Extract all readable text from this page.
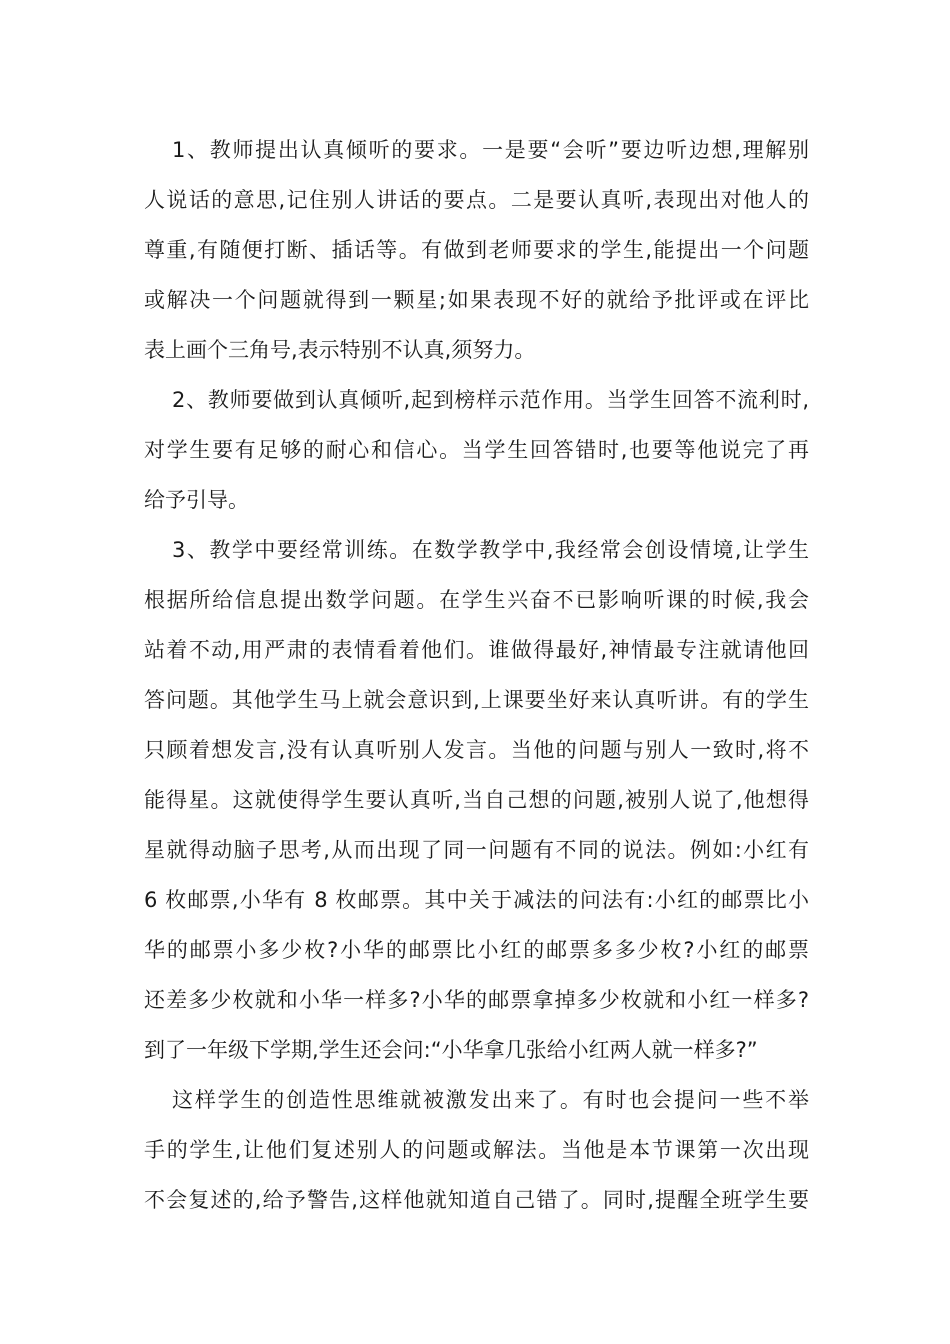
1、教师提出认真倾听的要求。一是要“会听”要边听边想,理解别
人说话的意思,记住别人讲话的要点。二是要认真听,表现出对他人的
尊重,有随便打断、插话等。有做到老师要求的学生,能提出一个问题
或解决一个问题就得到一颗星;如果表现不好的就给予批评或在评比
表上画个三角号,表示特别不认真,须努力。
2、教师要做到认真倾听,起到榜样示范作用。当学生回答不流利时,
对学生要有足够的耐心和信心。当学生回答错时,也要等他说完了再
给予引导。
3、教学中要经常训练。在数学教学中,我经常会创设情境,让学生
根据所给信息提出数学问题。在学生兴奋不已影响听课的时候,我会
站着不动,用严肃的表情看着他们。谁做得最好,神情最专注就请他回
答问题。其他学生马上就会意识到,上课要坐好来认真听讲。有的学生
只顾着想发言,没有认真听别人发言。当他的问题与别人一致时,将不
能得星。这就使得学生要认真听,当自己想的问题,被别人说了,他想得
星就得动脑子思考,从而出现了同一问题有不同的说法。例如:小红有
6 枚邮票,小华有 8 枚邮票。其中关于减法的问法有:小红的邮票比小
华的邮票小多少枚?小华的邮票比小红的邮票多多少枚?小红的邮票
还差多少枚就和小华一样多?小华的邮票拿掉多少枚就和小红一样多?
到了一年级下学期,学生还会问:“小华拿几张给小红两人就一样多?”
这样学生的创造性思维就被激发出来了。有时也会提问一些不举
手的学生,让他们复述别人的问题或解法。当他是本节课第一次出现
不会复述的,给予警告,这样他就知道自己错了。同时,提醒全班学生要
